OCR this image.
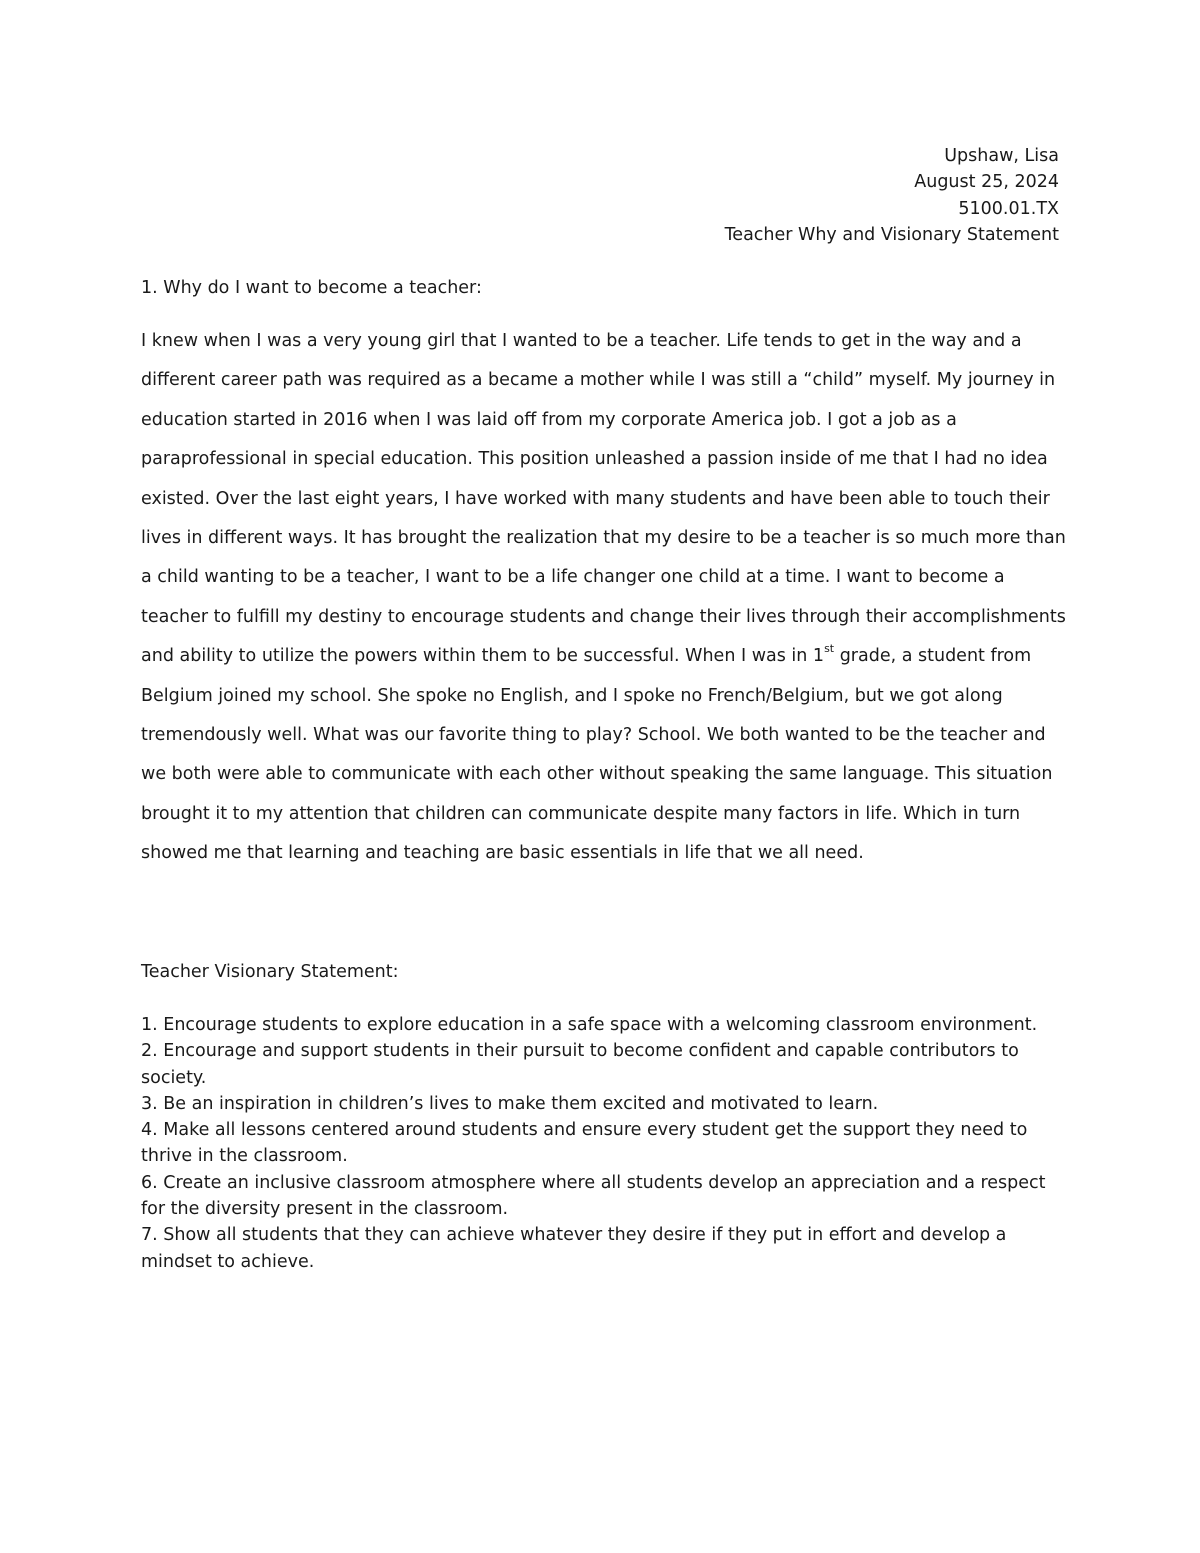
Upshaw, Lisa
August 25, 2024
5100.01.TX
Teacher Why and Visionary Statement
1. Why do I want to become a teacher:
I knew when I was a very young girl that I wanted to be a teacher. Life tends to get in the way and a
different career path was required as a became a mother while I was still a “child” myself. My journey in
education started in 2016 when I was laid off from my corporate America job. I got a job as a
paraprofessional in special education. This position unleashed a passion inside of me that I had no idea
existed. Over the last eight years, I have worked with many students and have been able to touch their
lives in different ways. It has brought the realization that my desire to be a teacher is so much more than
a child wanting to be a teacher, I want to be a life changer one child at a time. I want to become a
teacher to fulfill my destiny to encourage students and change their lives through their accomplishments
and ability to utilize the powers within them to be successful. When I was in 1st grade, a student from
Belgium joined my school. She spoke no English, and I spoke no French/Belgium, but we got along
tremendously well. What was our favorite thing to play? School. We both wanted to be the teacher and
we both were able to communicate with each other without speaking the same language. This situation
brought it to my attention that children can communicate despite many factors in life. Which in turn
showed me that learning and teaching are basic essentials in life that we all need.
Teacher Visionary Statement:
1. Encourage students to explore education in a safe space with a welcoming classroom environment.
2. Encourage and support students in their pursuit to become confident and capable contributors to
society.
3. Be an inspiration in children’s lives to make them excited and motivated to learn.
4. Make all lessons centered around students and ensure every student get the support they need to
thrive in the classroom.
6. Create an inclusive classroom atmosphere where all students develop an appreciation and a respect
for the diversity present in the classroom.
7. Show all students that they can achieve whatever they desire if they put in effort and develop a
mindset to achieve.
